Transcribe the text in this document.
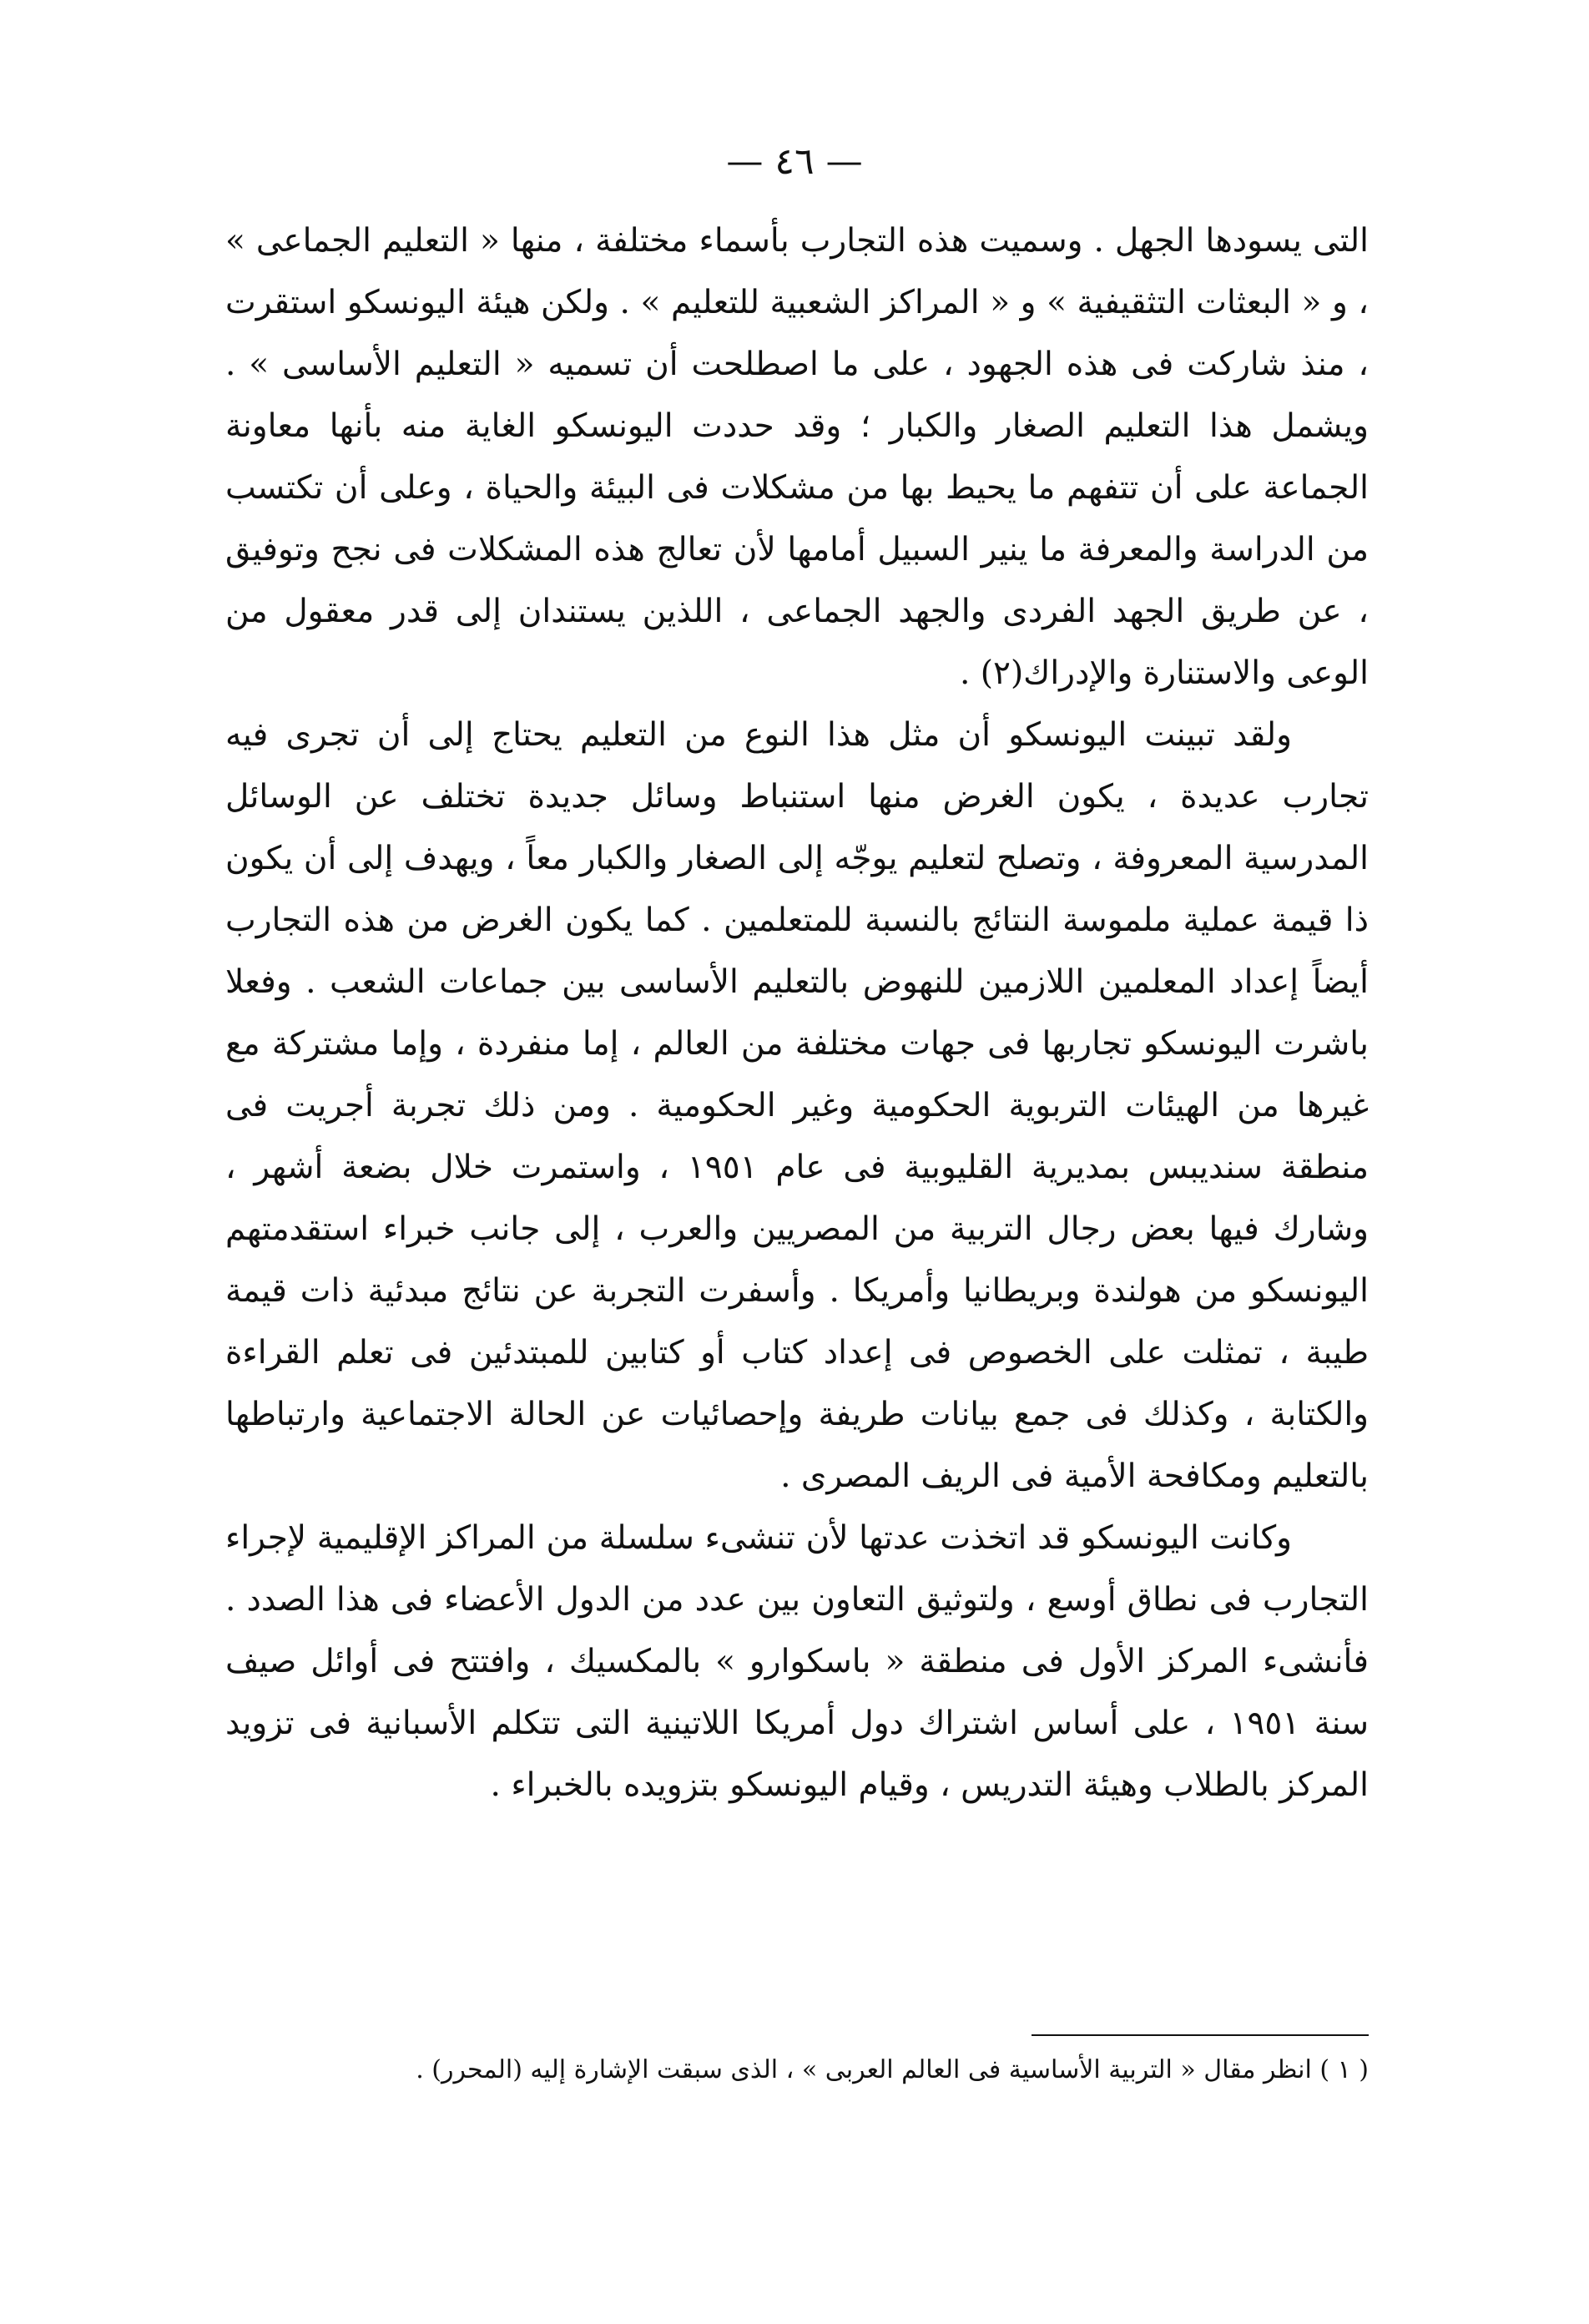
— ٤٦ —

التى يسودها الجهل . وسميت هذه التجارب بأسماء مختلفة ، منها « التعليم الجماعى » ، و « البعثات التثقيفية » و « المراكز الشعبية للتعليم » . ولكن هيئة اليونسكو استقرت ، منذ شاركت فى هذه الجهود ، على ما اصطلحت أن تسميه « التعليم الأساسى » . ويشمل هذا التعليم الصغار والكبار ؛ وقد حددت اليونسكو الغاية منه بأنها معاونة الجماعة على أن تتفهم ما يحيط بها من مشكلات فى البيئة والحياة ، وعلى أن تكتسب من الدراسة والمعرفة ما ينير السبيل أمامها لأن تعالج هذه المشكلات فى نجح وتوفيق ، عن طريق الجهد الفردى والجهد الجماعى ، اللذين يستندان إلى قدر معقول من الوعى والاستنارة والإدراك(٢) .

ولقد تبينت اليونسكو أن مثل هذا النوع من التعليم يحتاج إلى أن تجرى فيه تجارب عديدة ، يكون الغرض منها استنباط وسائل جديدة تختلف عن الوسائل المدرسية المعروفة ، وتصلح لتعليم يوجّه إلى الصغار والكبار معاً ، ويهدف إلى أن يكون ذا قيمة عملية ملموسة النتائج بالنسبة للمتعلمين . كما يكون الغرض من هذه التجارب أيضاً إعداد المعلمين اللازمين للنهوض بالتعليم الأساسى بين جماعات الشعب . وفعلا باشرت اليونسكو تجاربها فى جهات مختلفة من العالم ، إما منفردة ، وإما مشتركة مع غيرها من الهيئات التربوية الحكومية وغير الحكومية . ومن ذلك تجربة أجريت فى منطقة سنديبس بمديرية القليوبية فى عام ١٩٥١ ، واستمرت خلال بضعة أشهر ، وشارك فيها بعض رجال التربية من المصريين والعرب ، إلى جانب خبراء استقدمتهم اليونسكو من هولندة وبريطانيا وأمريكا . وأسفرت التجربة عن نتائج مبدئية ذات قيمة طيبة ، تمثلت على الخصوص فى إعداد كتاب أو كتابين للمبتدئين فى تعلم القراءة والكتابة ، وكذلك فى جمع بيانات طريفة وإحصائيات عن الحالة الاجتماعية وارتباطها بالتعليم ومكافحة الأمية فى الريف المصرى .

وكانت اليونسكو قد اتخذت عدتها لأن تنشىء سلسلة من المراكز الإقليمية لإجراء التجارب فى نطاق أوسع ، ولتوثيق التعاون بين عدد من الدول الأعضاء فى هذا الصدد . فأنشىء المركز الأول فى منطقة « باسكوارو » بالمكسيك ، وافتتح فى أوائل صيف سنة ١٩٥١ ، على أساس اشتراك دول أمريكا اللاتينية التى تتكلم الأسبانية فى تزويد المركز بالطلاب وهيئة التدريس ، وقيام اليونسكو بتزويده بالخبراء .

( ١ ) انظر مقال « التربية الأساسية فى العالم العربى » ، الذى سبقت الإشارة إليه (المحرر) .
